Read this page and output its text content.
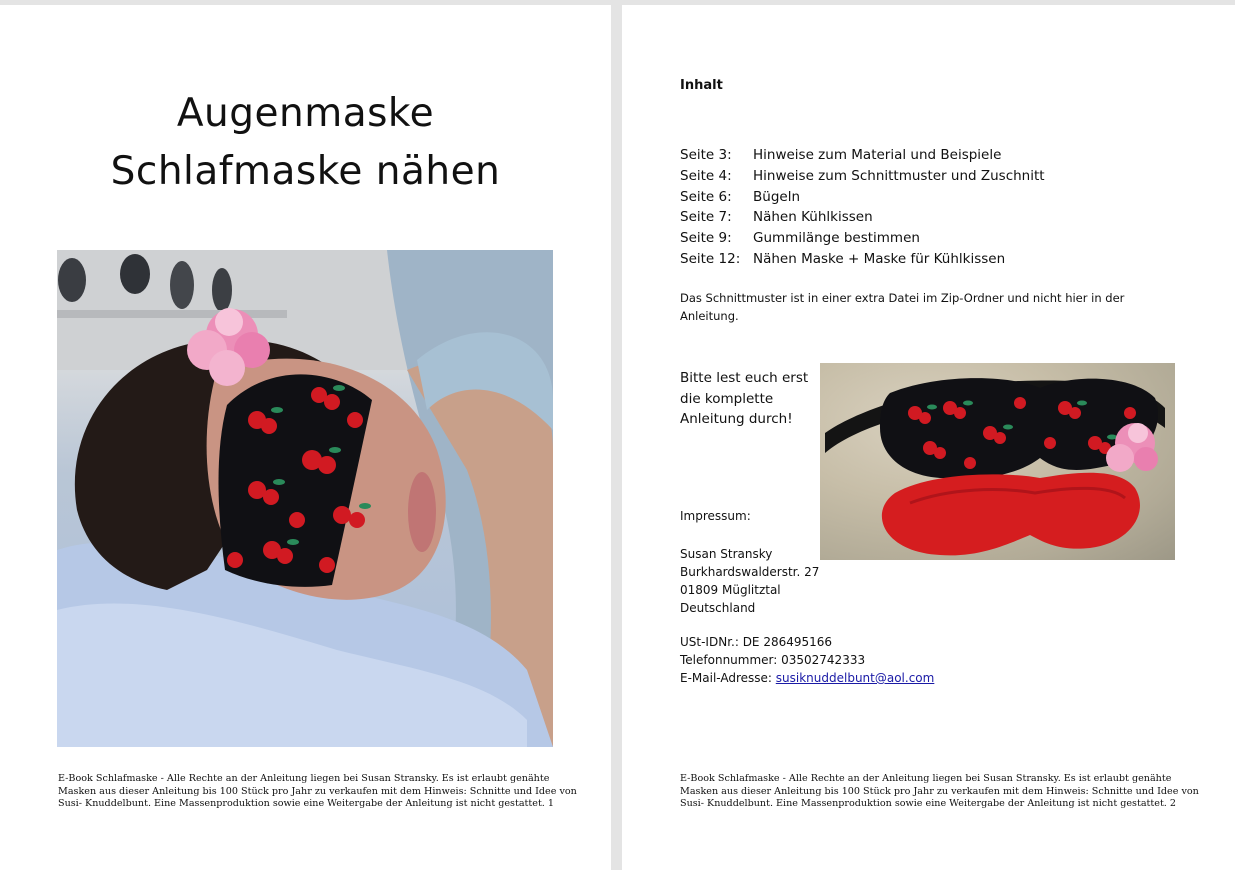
Augenmaske
Schlafmaske nähen
E-Book Schlafmaske - Alle Rechte an der Anleitung liegen bei Susan Stransky. Es ist erlaubt genähte
Masken aus dieser Anleitung bis 100 Stück pro Jahr zu verkaufen mit dem Hinweis: Schnitte und Idee von
Susi- Knuddelbunt. Eine Massenproduktion sowie eine Weitergabe der Anleitung ist nicht gestattet. 1
Inhalt
Seite 3:	Hinweise zum Material und Beispiele
Seite 4:	Hinweise zum Schnittmuster und Zuschnitt
Seite 6:	Bügeln
Seite 7:	Nähen Kühlkissen
Seite 9:	Gummilänge bestimmen
Seite 12: Nähen Maske + Maske für Kühlkissen
Das Schnittmuster ist in einer extra Datei im Zip-Ordner und nicht hier in der Anleitung.
Bitte lest euch erst
die komplette
Anleitung durch!
Impressum:
Susan Stransky
Burkhardswalderstr. 27
01809 Müglitztal
Deutschland
USt-IDNr.: DE 286495166
Telefonnummer: 03502742333
E-Mail-Adresse: susiknuddelbunt@aol.com
E-Book Schlafmaske - Alle Rechte an der Anleitung liegen bei Susan Stransky. Es ist erlaubt genähte
Masken aus dieser Anleitung bis 100 Stück pro Jahr zu verkaufen mit dem Hinweis: Schnitte und Idee von
Susi- Knuddelbunt. Eine Massenproduktion sowie eine Weitergabe der Anleitung ist nicht gestattet. 2
